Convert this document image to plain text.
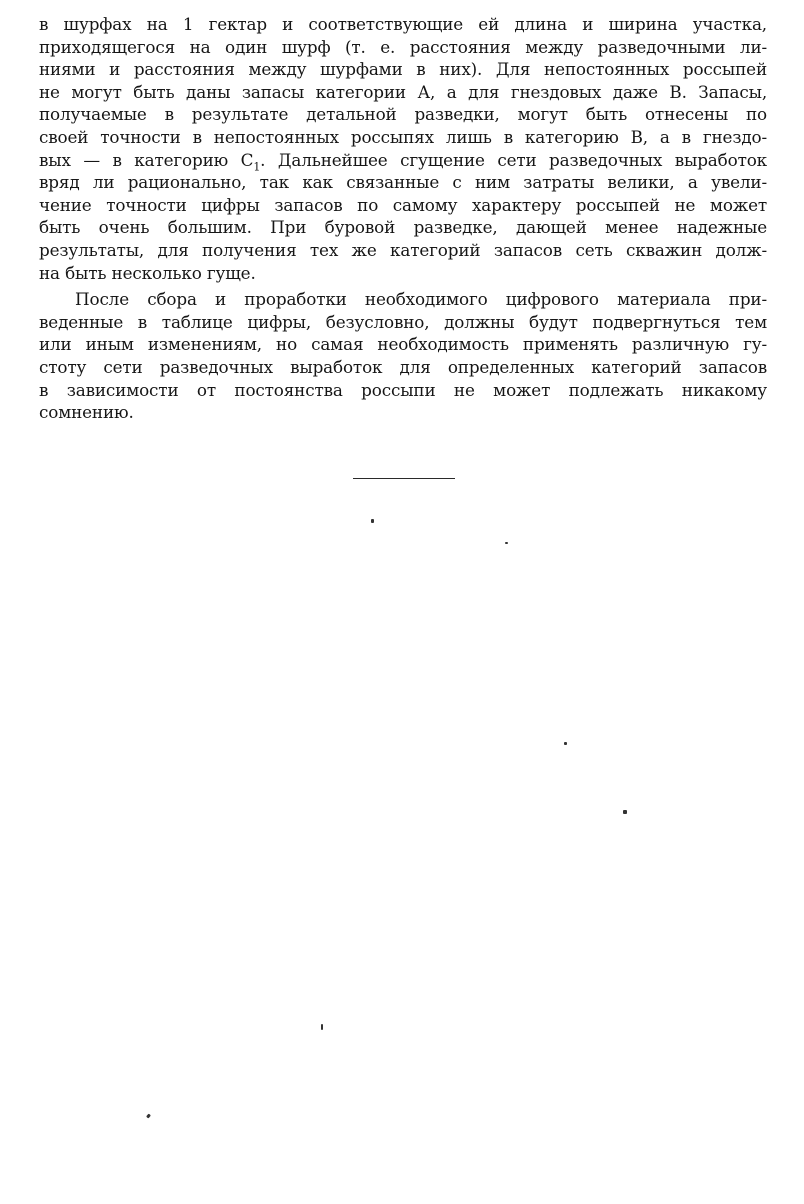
в шурфах на 1 гектар и соответствующие ей длина и ширина участка,
приходящегося на один шурф (т. е. расстояния между разведочными ли-
ниями и расстояния между шурфами в них). Для непостоянных россыпей
не могут быть даны запасы категории А, а для гнездовых даже В. Запасы,
получаемые в результате детальной разведки, могут быть отнесены по
своей точности в непостоянных россыпях лишь в категорию В, а в гнездо-
вых — в категорию $С_1$. Дальнейшее сгущение сети разведочных выработок
вряд ли рационально, так как связанные с ним затраты велики, а увели-
чение точности цифры запасов по самому характеру россыпей не может
быть очень большим. При буровой разведке, дающей менее надежные
результаты, для получения тех же категорий запасов сеть скважин долж-
на быть несколько гуще.
После сбора и проработки необходимого цифрового материала при-
веденные в таблице цифры, безусловно, должны будут подвергнуться тем
или иным изменениям, но самая необходимость применять различную гу-
стоту сети разведочных выработок для определенных категорий запасов
в зависимости от постоянства россыпи не может подлежать никакому
сомнению.
